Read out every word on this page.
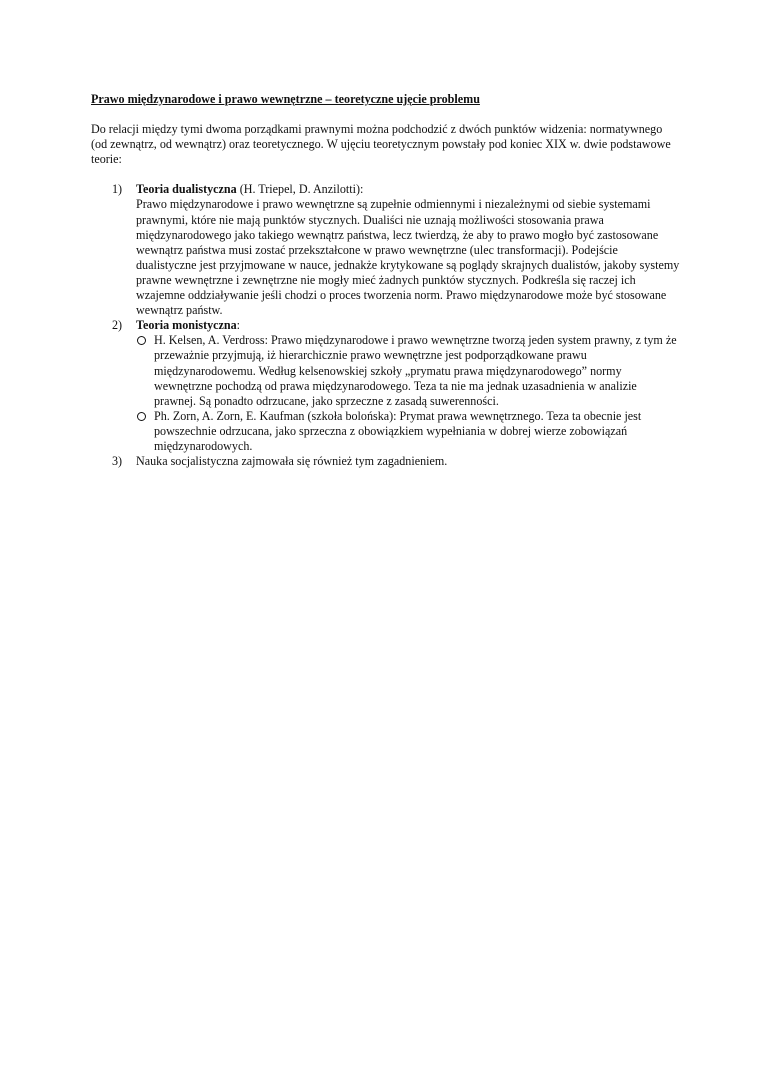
Prawo międzynarodowe i prawo wewnętrzne – teoretyczne ujęcie problemu

Do relacji między tymi dwoma porządkami prawnymi można podchodzić z dwóch punktów widzenia: normatywnego (od zewnątrz, od wewnątrz) oraz teoretycznego. W ujęciu teoretycznym powstały pod koniec XIX w. dwie podstawowe teorie:

1) Teoria dualistyczna (H. Triepel, D. Anzilotti):
Prawo międzynarodowe i prawo wewnętrzne są zupełnie odmiennymi i niezależnymi od siebie systemami prawnymi, które nie mają punktów stycznych. Dualiści nie uznają możliwości stosowania prawa międzynarodowego jako takiego wewnątrz państwa, lecz twierdzą, że aby to prawo mogło być zastosowane wewnątrz państwa musi zostać przekształcone w prawo wewnętrzne (ulec transformacji). Podejście dualistyczne jest przyjmowane w nauce, jednakże krytykowane są poglądy skrajnych dualistów, jakoby systemy prawne wewnętrzne i zewnętrzne nie mogły mieć żadnych punktów stycznych. Podkreśla się raczej ich wzajemne oddziaływanie jeśli chodzi o proces tworzenia norm. Prawo międzynarodowe może być stosowane wewnątrz państw.
2) Teoria monistyczna:
H. Kelsen, A. Verdross: Prawo międzynarodowe i prawo wewnętrzne tworzą jeden system prawny, z tym że przeważnie przyjmują, iż hierarchicznie prawo wewnętrzne jest podporządkowane prawu międzynarodowemu. Według kelsenowskiej szkoły „prymatu prawa międzynarodowego” normy wewnętrzne pochodzą od prawa międzynarodowego. Teza ta nie ma jednak uzasadnienia w analizie prawnej. Są ponadto odrzucane, jako sprzeczne z zasadą suwerenności.
Ph. Zorn, A. Zorn, E. Kaufman (szkoła bolońska): Prymat prawa wewnętrznego. Teza ta obecnie jest powszechnie odrzucana, jako sprzeczna z obowiązkiem wypełniania w dobrej wierze zobowiązań międzynarodowych.
3) Nauka socjalistyczna zajmowała się również tym zagadnieniem.
